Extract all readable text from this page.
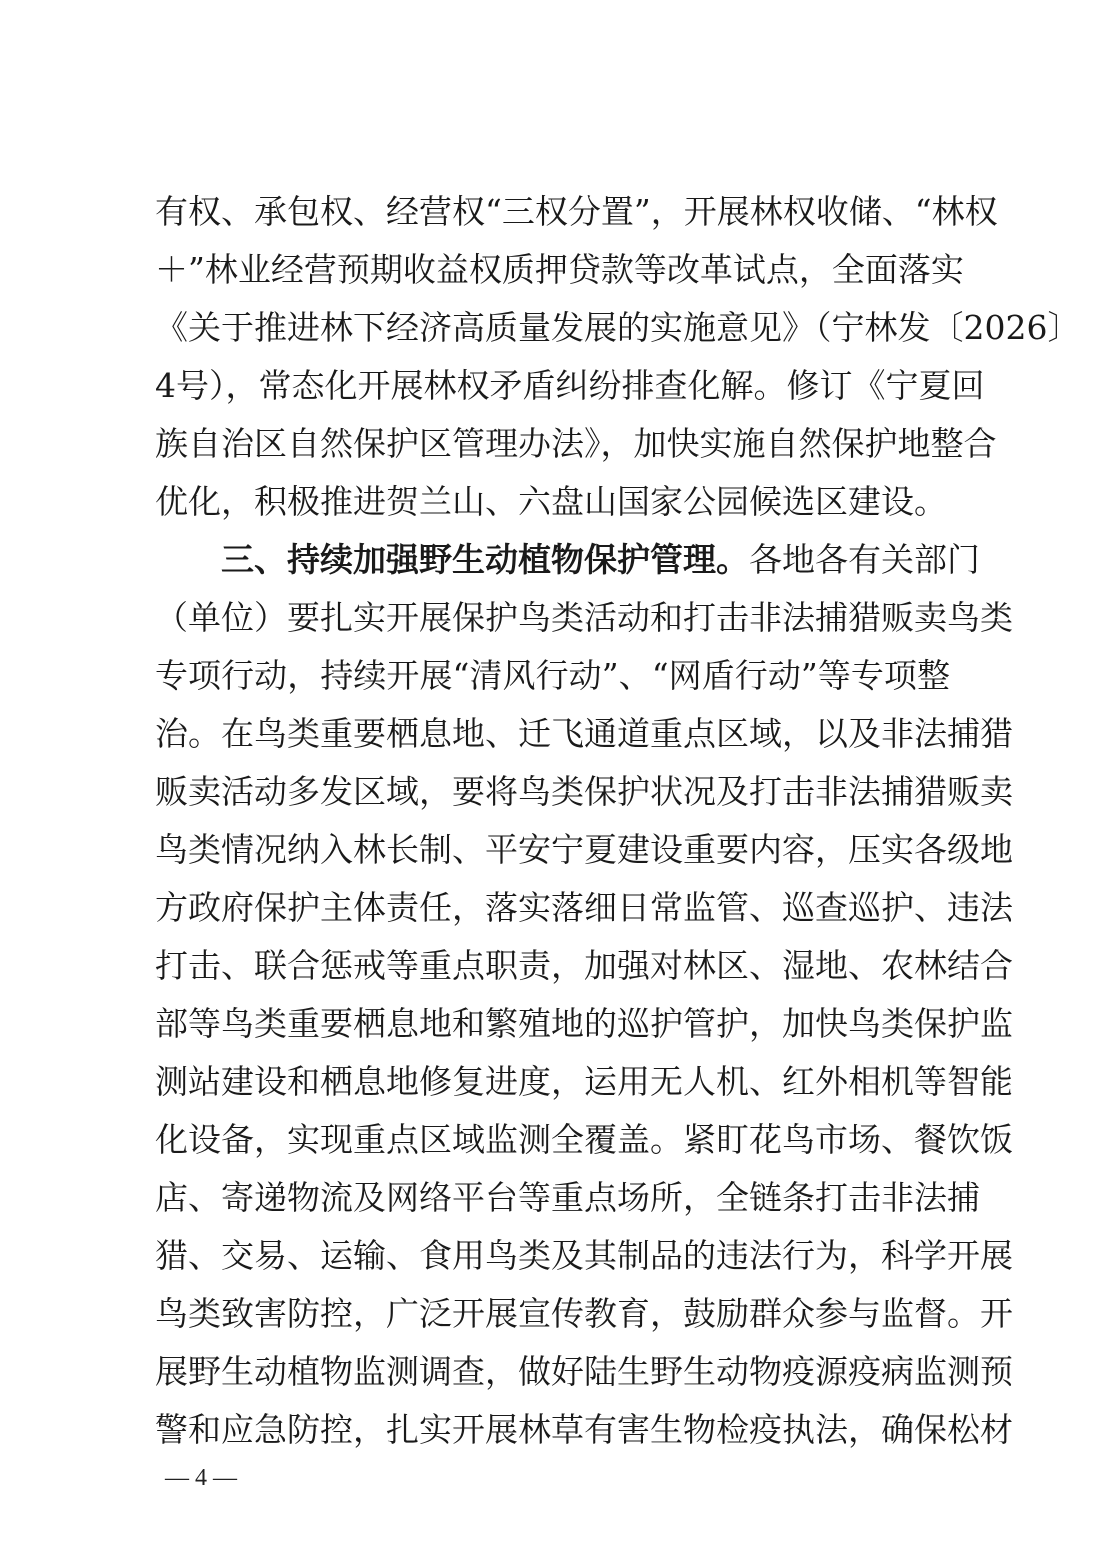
有权、承包权、经营权“三权分置”，开展林权收储、“林权
＋”林业经营预期收益权质押贷款等改革试点，全面落实
《关于推进林下经济高质量发展的实施意见》（宁林发〔2026〕
4号），常态化开展林权矛盾纠纷排查化解。修订《宁夏回
族自治区自然保护区管理办法》，加快实施自然保护地整合
优化，积极推进贺兰山、六盘山国家公园候选区建设。
三、持续加强野生动植物保护管理。各地各有关部门
（单位）要扎实开展保护鸟类活动和打击非法捕猎贩卖鸟类
专项行动，持续开展“清风行动”、“网盾行动”等专项整
治。在鸟类重要栖息地、迁飞通道重点区域，以及非法捕猎
贩卖活动多发区域，要将鸟类保护状况及打击非法捕猎贩卖
鸟类情况纳入林长制、平安宁夏建设重要内容，压实各级地
方政府保护主体责任，落实落细日常监管、巡查巡护、违法
打击、联合惩戒等重点职责，加强对林区、湿地、农林结合
部等鸟类重要栖息地和繁殖地的巡护管护，加快鸟类保护监
测站建设和栖息地修复进度，运用无人机、红外相机等智能
化设备，实现重点区域监测全覆盖。紧盯花鸟市场、餐饮饭
店、寄递物流及网络平台等重点场所，全链条打击非法捕
猎、交易、运输、食用鸟类及其制品的违法行为，科学开展
鸟类致害防控，广泛开展宣传教育，鼓励群众参与监督。开
展野生动植物监测调查，做好陆生野生动物疫源疫病监测预
警和应急防控，扎实开展林草有害生物检疫执法，确保松材
— 4 —
